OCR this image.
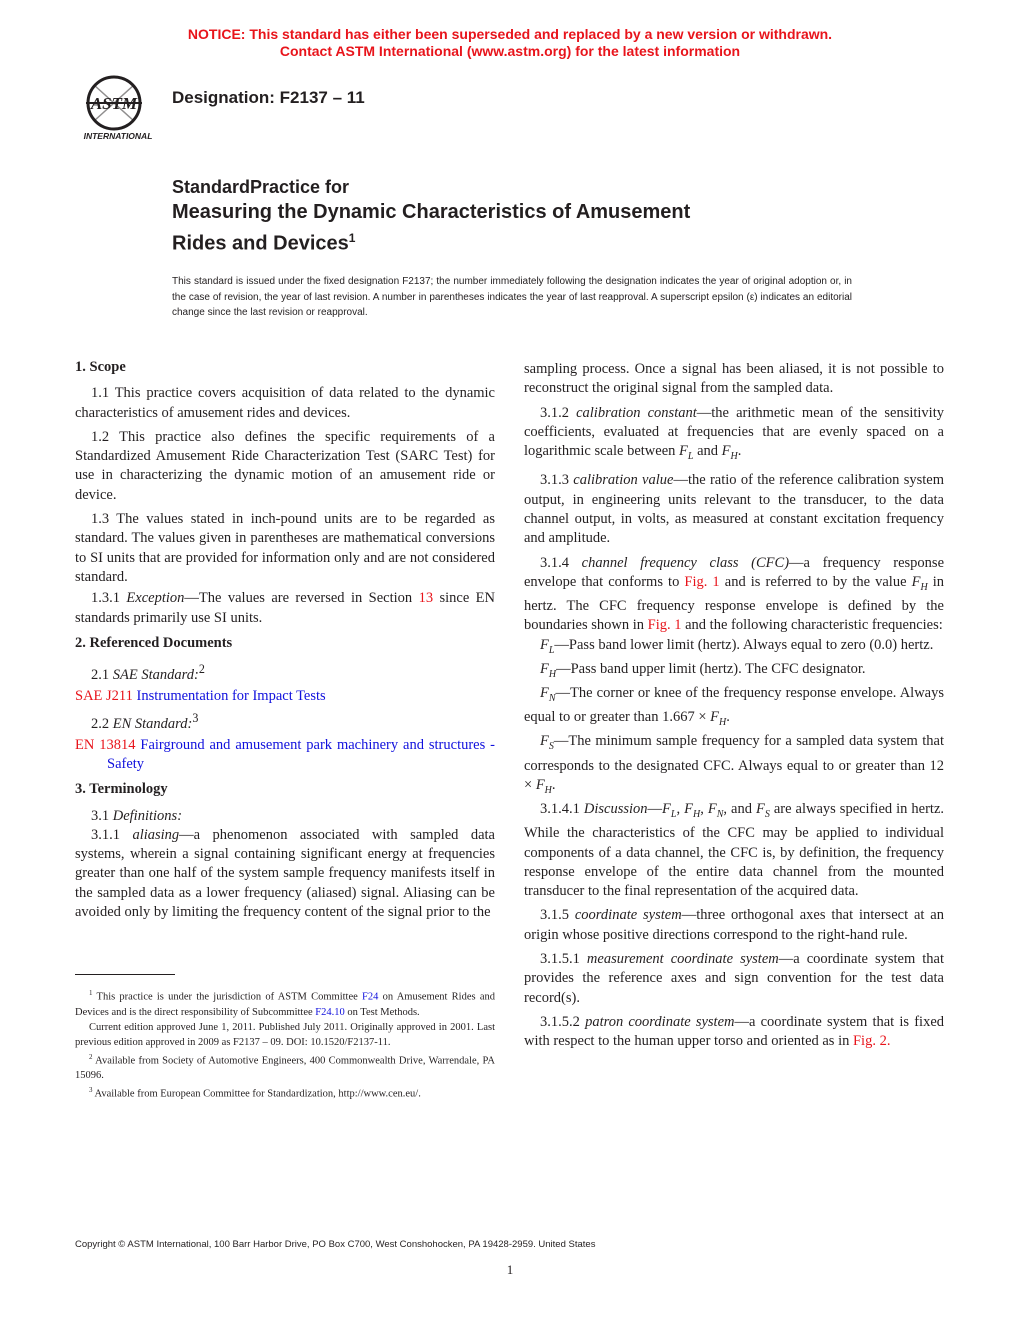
NOTICE: This standard has either been superseded and replaced by a new version or withdrawn.
Contact ASTM International (www.astm.org) for the latest information
ASTM
INTERNATIONAL
Designation: F2137 – 11
StandardPractice for
Measuring the Dynamic Characteristics of Amusement
Rides and Devices$^1$
This standard is issued under the fixed designation F2137; the number immediately following the designation indicates the year of original adoption or, in the case of revision, the year of last revision. A number in parentheses indicates the year of last reapproval. A superscript epsilon (ε) indicates an editorial change since the last revision or reapproval.
1. Scope

1.1 This practice covers acquisition of data related to the dynamic characteristics of amusement rides and devices.

1.2 This practice also defines the specific requirements of a Standardized Amusement Ride Characterization Test (SARC Test) for use in characterizing the dynamic motion of an amusement ride or device.

1.3 The values stated in inch-pound units are to be regarded as standard. The values given in parentheses are mathematical conversions to SI units that are provided for information only and are not considered standard.

1.3.1 Exception—The values are reversed in Section 13 since EN standards primarily use SI units.

2. Referenced Documents

2.1 SAE Standard:$^2$

SAE J211 Instrumentation for Impact Tests

2.2 EN Standard:$^3$

EN 13814 Fairground and amusement park machinery and structures - Safety

3. Terminology

3.1 Definitions:

3.1.1 aliasing—a phenomenon associated with sampled data systems, wherein a signal containing significant energy at frequencies greater than one half of the system sample frequency manifests itself in the sampled data as a lower frequency (aliased) signal. Aliasing can be avoided only by limiting the frequency content of the signal prior to the

$^1$ This practice is under the jurisdiction of ASTM Committee F24 on Amusement Rides and Devices and is the direct responsibility of Subcommittee F24.10 on Test Methods.

Current edition approved June 1, 2011. Published July 2011. Originally approved in 2001. Last previous edition approved in 2009 as F2137 – 09. DOI: 10.1520/F2137-11.

$^2$ Available from Society of Automotive Engineers, 400 Commonwealth Drive, Warrendale, PA 15096.

$^3$ Available from European Committee for Standardization, http://www.cen.eu/.

sampling process. Once a signal has been aliased, it is not possible to reconstruct the original signal from the sampled data.

3.1.2 calibration constant—the arithmetic mean of the sensitivity coefficients, evaluated at frequencies that are evenly spaced on a logarithmic scale between $F_L$ and $F_H$.

3.1.3 calibration value—the ratio of the reference calibration system output, in engineering units relevant to the transducer, to the data channel output, in volts, as measured at constant excitation frequency and amplitude.

3.1.4 channel frequency class (CFC)—a frequency response envelope that conforms to Fig. 1 and is referred to by the value $F_H$ in hertz. The CFC frequency response envelope is defined by the boundaries shown in Fig. 1 and the following characteristic frequencies:

$F_L—Pass$ band lower limit (hertz). Always equal to zero (0.0) hertz.

$F_H—Pass$ band upper limit (hertz). The CFC designator.

$F_N—The$ corner or knee of the frequency response envelope. Always equal to or greater than $1.667 \times F_H$.

$F_S—The$ minimum sample frequency for a sampled data system that corresponds to the designated CFC. Always equal to or greater than $12 \times F_H$.

3.1.4.1 $Discussion—F_L$, $F_H$, $F_N$, and $F_S$ are always specified in hertz. While the characteristics of the CFC may be applied to individual components of a data channel, the CFC is, by definition, the frequency response envelope of the entire data channel from the mounted transducer to the final representation of the acquired data.

3.1.5 coordinate system—three orthogonal axes that intersect at an origin whose positive directions correspond to the right-hand rule.

3.1.5.1 measurement coordinate system—a coordinate system that provides the reference axes and sign convention for the test data record(s).

3.1.5.2 patron coordinate system—a coordinate system that is fixed with respect to the human upper torso and oriented as in Fig. 2.

Copyright © ASTM International, 100 Barr Harbor Drive, PO Box C700, West Conshohocken, PA 19428-2959. United States
1
